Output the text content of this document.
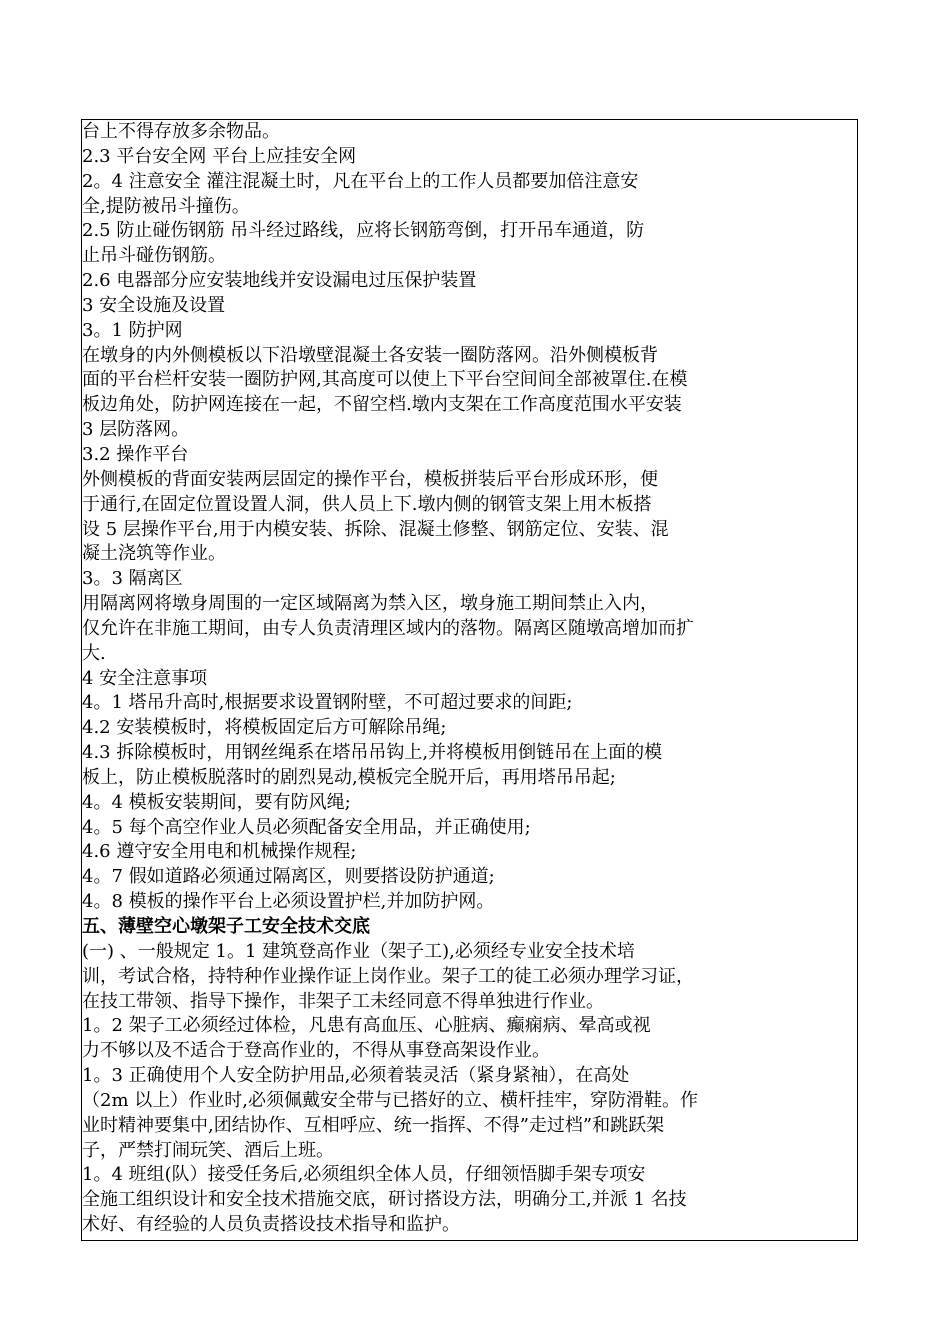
台上不得存放多余物品。
2.3 平台安全网 平台上应挂安全网
2。4 注意安全 灌注混凝土时，凡在平台上的工作人员都要加倍注意安
全,提防被吊斗撞伤。
2.5 防止碰伤钢筋 吊斗经过路线，应将长钢筋弯倒，打开吊车通道，防
止吊斗碰伤钢筋。
2.6 电器部分应安装地线并安设漏电过压保护装置
3 安全设施及设置
3。1 防护网
在墩身的内外侧模板以下沿墩壁混凝土各安装一圈防落网。沿外侧模板背
面的平台栏杆安装一圈防护网,其高度可以使上下平台空间间全部被罩住.在模
板边角处，防护网连接在一起，不留空档.墩内支架在工作高度范围水平安装
3 层防落网。
3.2 操作平台
外侧模板的背面安装两层固定的操作平台，模板拼装后平台形成环形，便
于通行,在固定位置设置人洞，供人员上下.墩内侧的钢管支架上用木板搭
设 5 层操作平台,用于内模安装、拆除、混凝土修整、钢筋定位、安装、混
凝土浇筑等作业。
3。3 隔离区
用隔离网将墩身周围的一定区域隔离为禁入区，墩身施工期间禁止入内，
仅允许在非施工期间，由专人负责清理区域内的落物。隔离区随墩高增加而扩
大.
4 安全注意事项
4。1 塔吊升高时,根据要求设置钢附壁，不可超过要求的间距;
4.2 安装模板时，将模板固定后方可解除吊绳;
4.3 拆除模板时，用钢丝绳系在塔吊吊钩上,并将模板用倒链吊在上面的模
板上，防止模板脱落时的剧烈晃动,模板完全脱开后，再用塔吊吊起;
4。4 模板安装期间，要有防风绳;
4。5 每个高空作业人员必须配备安全用品，并正确使用;
4.6 遵守安全用电和机械操作规程;
4。7 假如道路必须通过隔离区，则要搭设防护通道;
4。8 模板的操作平台上必须设置护栏,并加防护网。
五、薄壁空心墩架子工安全技术交底
(一) 、一般规定 1。1 建筑登高作业（架子工),必须经专业安全技术培
训，考试合格，持特种作业操作证上岗作业。架子工的徒工必须办理学习证，
在技工带领、指导下操作，非架子工未经同意不得单独进行作业。
1。2 架子工必须经过体检，凡患有高血压、心脏病、癫痫病、晕高或视
力不够以及不适合于登高作业的，不得从事登高架设作业。
1。3 正确使用个人安全防护用品,必须着装灵活（紧身紧袖），在高处
（2m 以上）作业时,必须佩戴安全带与已搭好的立、横杆挂牢，穿防滑鞋。作
业时精神要集中,团结协作、互相呼应、统一指挥、不得”走过档”和跳跃架
子，严禁打闹玩笑、酒后上班。
1。4 班组(队）接受任务后,必须组织全体人员，仔细领悟脚手架专项安
全施工组织设计和安全技术措施交底，研讨搭设方法，明确分工,并派 1 名技
术好、有经验的人员负责搭设技术指导和监护。
